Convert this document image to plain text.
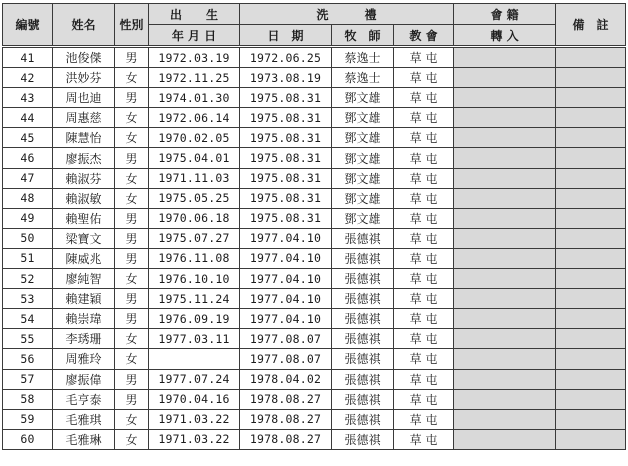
編號	姓名	性別	出　　生	洗　　　禮			會 籍	備　註
			年 月 日	日　期	牧　師	教 會	轉 入	
41	池俊傑	男	1972.03.19	1972.06.25	蔡逸士	草 屯		
42	洪妙芬	女	1972.11.25	1973.08.19	蔡逸士	草 屯		
43	周也迪	男	1974.01.30	1975.08.31	鄧文雄	草 屯		
44	周惠慈	女	1972.06.14	1975.08.31	鄧文雄	草 屯		
45	陳慧怡	女	1970.02.05	1975.08.31	鄧文雄	草 屯		
46	廖振杰	男	1975.04.01	1975.08.31	鄧文雄	草 屯		
47	賴淑芬	女	1971.11.03	1975.08.31	鄧文雄	草 屯		
48	賴淑敏	女	1975.05.25	1975.08.31	鄧文雄	草 屯		
49	賴聖佑	男	1970.06.18	1975.08.31	鄧文雄	草 屯		
50	梁寶文	男	1975.07.27	1977.04.10	張德祺	草 屯		
51	陳威兆	男	1976.11.08	1977.04.10	張德祺	草 屯		
52	廖純智	女	1976.10.10	1977.04.10	張德祺	草 屯		
53	賴建穎	男	1975.11.24	1977.04.10	張德祺	草 屯		
54	賴崇瑋	男	1976.09.19	1977.04.10	張德祺	草 屯		
55	李琇珊	女	1977.03.11	1977.08.07	張德祺	草 屯		
56	周雅玲	女		1977.08.07	張德祺	草 屯		
57	廖振偉	男	1977.07.24	1978.04.02	張德祺	草 屯		
58	毛亨泰	男	1970.04.16	1978.08.27	張德祺	草 屯		
59	毛雅琪	女	1971.03.22	1978.08.27	張德祺	草 屯		
60	毛雅琳	女	1971.03.22	1978.08.27	張德祺	草 屯		
